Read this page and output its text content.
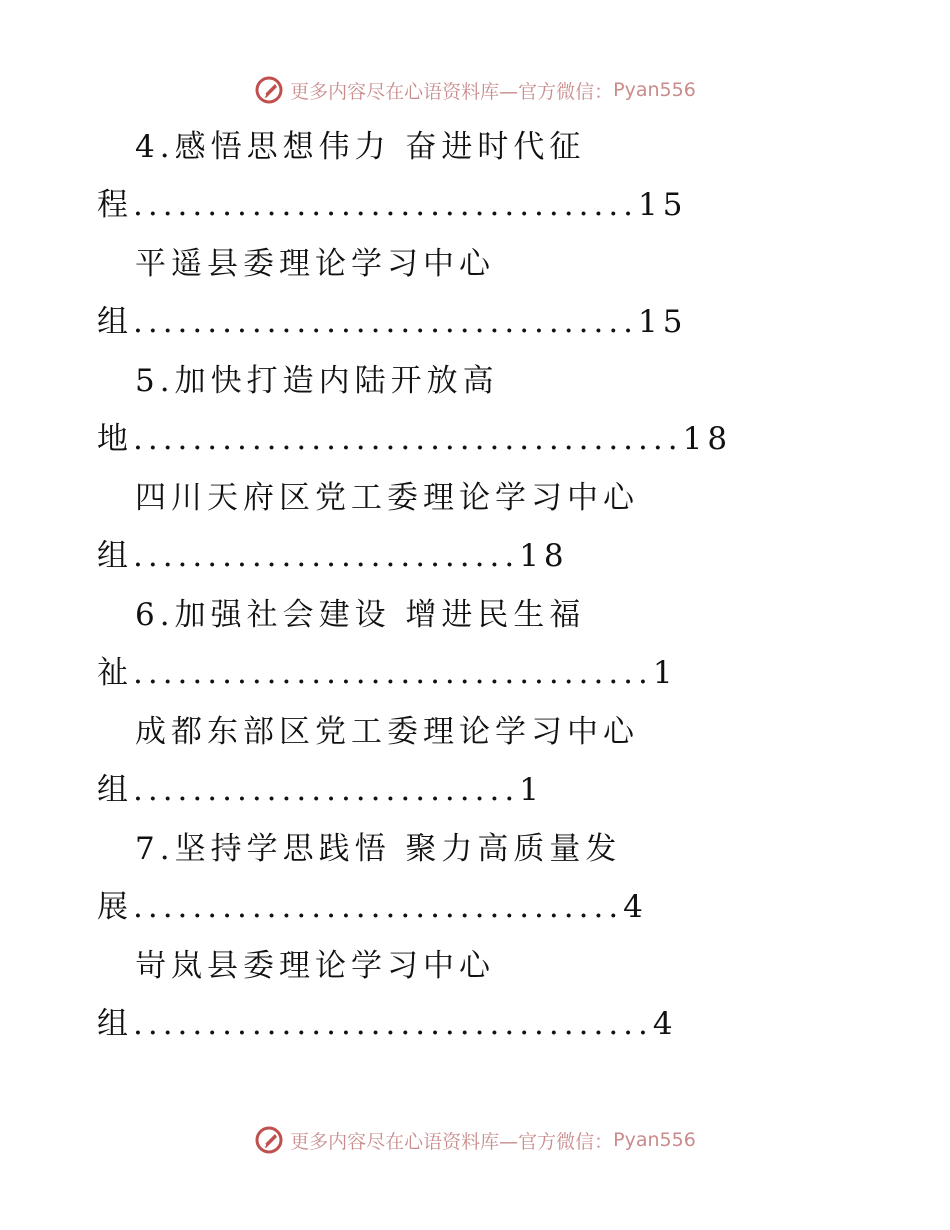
更多内容尽在心语资料库—官方微信： Pyan556
4.感悟思想伟力 奋进时代征
程..................................15
平遥县委理论学习中心
组..................................15
5.加快打造内陆开放高
地.....................................18
四川天府区党工委理论学习中心
组..........................18
6.加强社会建设 增进民生福
祉...................................1
成都东部区党工委理论学习中心
组..........................1
7.坚持学思践悟 聚力高质量发
展.................................4
岢岚县委理论学习中心
组...................................4
更多内容尽在心语资料库—官方微信： Pyan556
